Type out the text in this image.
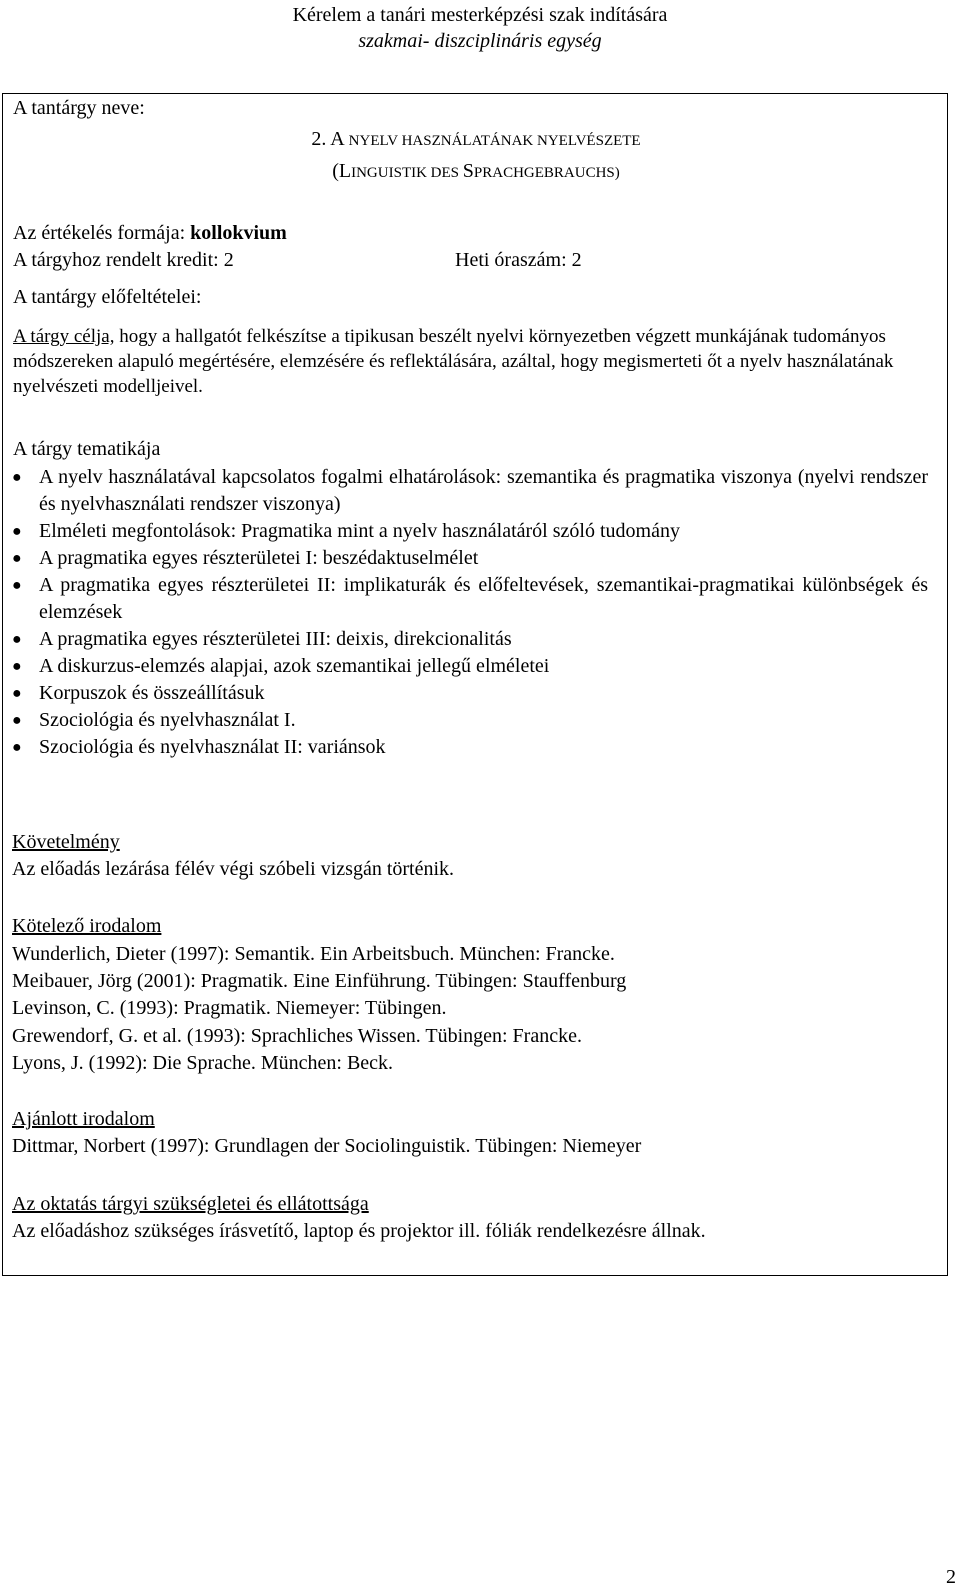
Kérelem a tanári mesterképzési szak indítására
szakmai- diszciplináris egység
A tantárgy neve:
2. A NYELV HASZNÁLATÁNAK NYELVÉSZETE
(LINGUISTIK DES SPRACHGEBRAUCHS)
Az értékelés formája: kollokvium
A tárgyhoz rendelt kredit: 2	Heti óraszám: 2
A tantárgy előfeltételei:
A tárgy célja, hogy a hallgatót felkészítse a tipikusan beszélt nyelvi környezetben végzett munkájának tudományos módszereken alapuló megértésére, elemzésére és reflektálására, azáltal, hogy megismerteti őt a nyelv használatának nyelvészeti modelljeivel.
A tárgy tematikája
● A nyelv használatával kapcsolatos fogalmi elhatárolások: szemantika és pragmatika viszonya (nyelvi rendszer és nyelvhasználati rendszer viszonya)
● Elméleti megfontolások: Pragmatika mint a nyelv használatáról szóló tudomány
● A pragmatika egyes részterületei I: beszédaktuselmélet
● A pragmatika egyes részterületei II: implikaturák és előfeltevések, szemantikai-pragmatikai különbségek és elemzések
● A pragmatika egyes részterületei III: deixis, direkcionalitás
● A diskurzus-elemzés alapjai, azok szemantikai jellegű elméletei
● Korpuszok és összeállításuk
● Szociológia és nyelvhasználat I.
● Szociológia és nyelvhasználat II: variánsok
Követelmény
Az előadás lezárása félév végi szóbeli vizsgán történik.
Kötelező irodalom
Wunderlich, Dieter (1997): Semantik. Ein Arbeitsbuch. München: Francke.
Meibauer, Jörg (2001): Pragmatik. Eine Einführung. Tübingen: Stauffenburg
Levinson, C. (1993): Pragmatik. Niemeyer: Tübingen.
Grewendorf, G. et al. (1993): Sprachliches Wissen. Tübingen: Francke.
Lyons, J. (1992): Die Sprache. München: Beck.
Ajánlott irodalom
Dittmar, Norbert (1997): Grundlagen der Sociolinguistik. Tübingen: Niemeyer
Az oktatás tárgyi szükségletei és ellátottsága
Az előadáshoz szükséges írásvetítő, laptop és projektor ill. fóliák rendelkezésre állnak.
2
